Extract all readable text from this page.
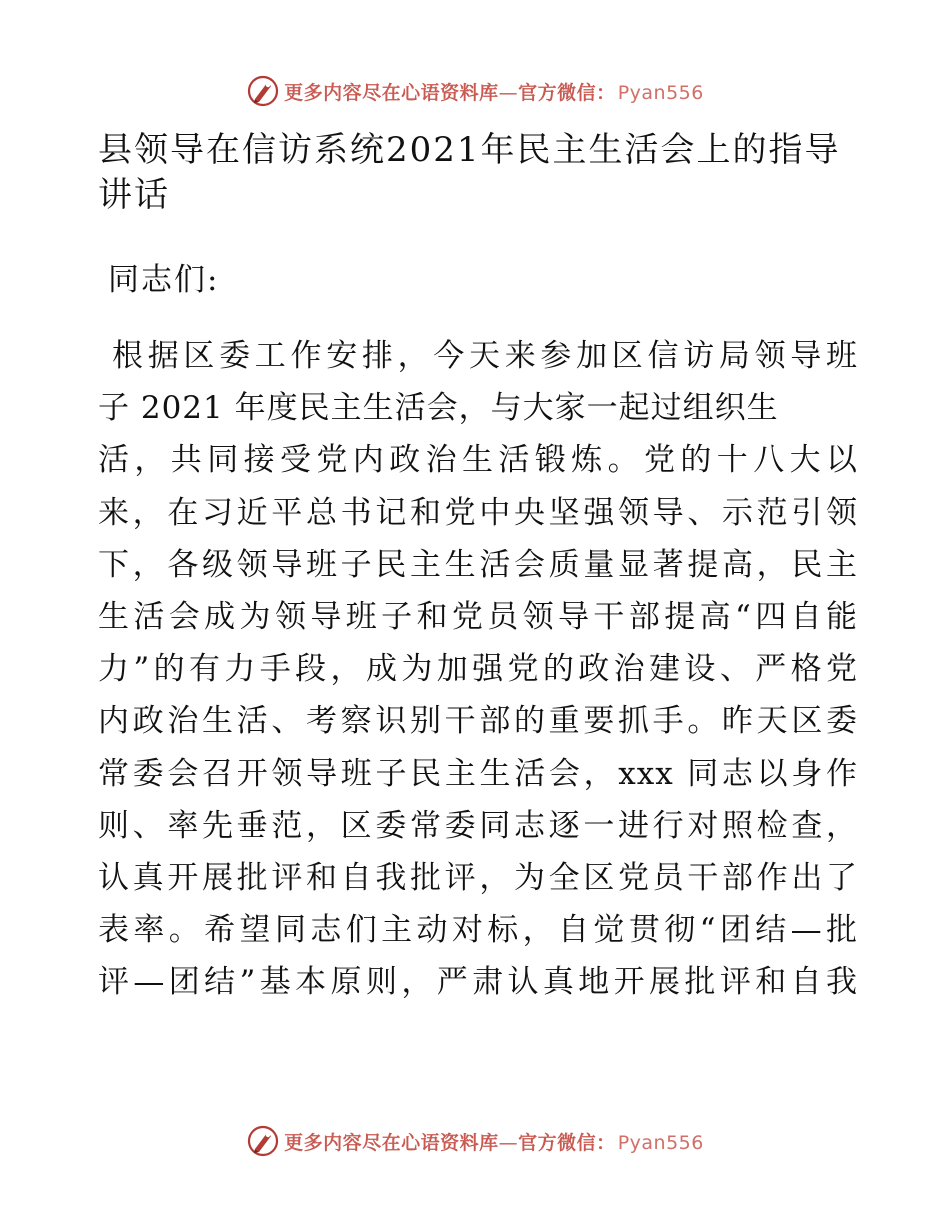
更多内容尽在心语资料库—官方微信： Pyan556
县领导在信访系统2021年民主生活会上的指导讲话

同志们:

根据区委工作安排，今天来参加区信访局领导班
子 2021 年度民主生活会，与大家一起过组织生
活，共同接受党内政治生活锻炼。党的十八大以
来，在习近平总书记和党中央坚强领导、示范引领
下，各级领导班子民主生活会质量显著提高，民主
生活会成为领导班子和党员领导干部提高“四自能
力”的有力手段，成为加强党的政治建设、严格党
内政治生活、考察识别干部的重要抓手。昨天区委
常委会召开领导班子民主生活会，xxx 同志以身作
则、率先垂范，区委常委同志逐一进行对照检查，
认真开展批评和自我批评，为全区党员干部作出了
表率。希望同志们主动对标，自觉贯彻“团结—批
评—团结”基本原则，严肃认真地开展批评和自我
更多内容尽在心语资料库—官方微信： Pyan556
